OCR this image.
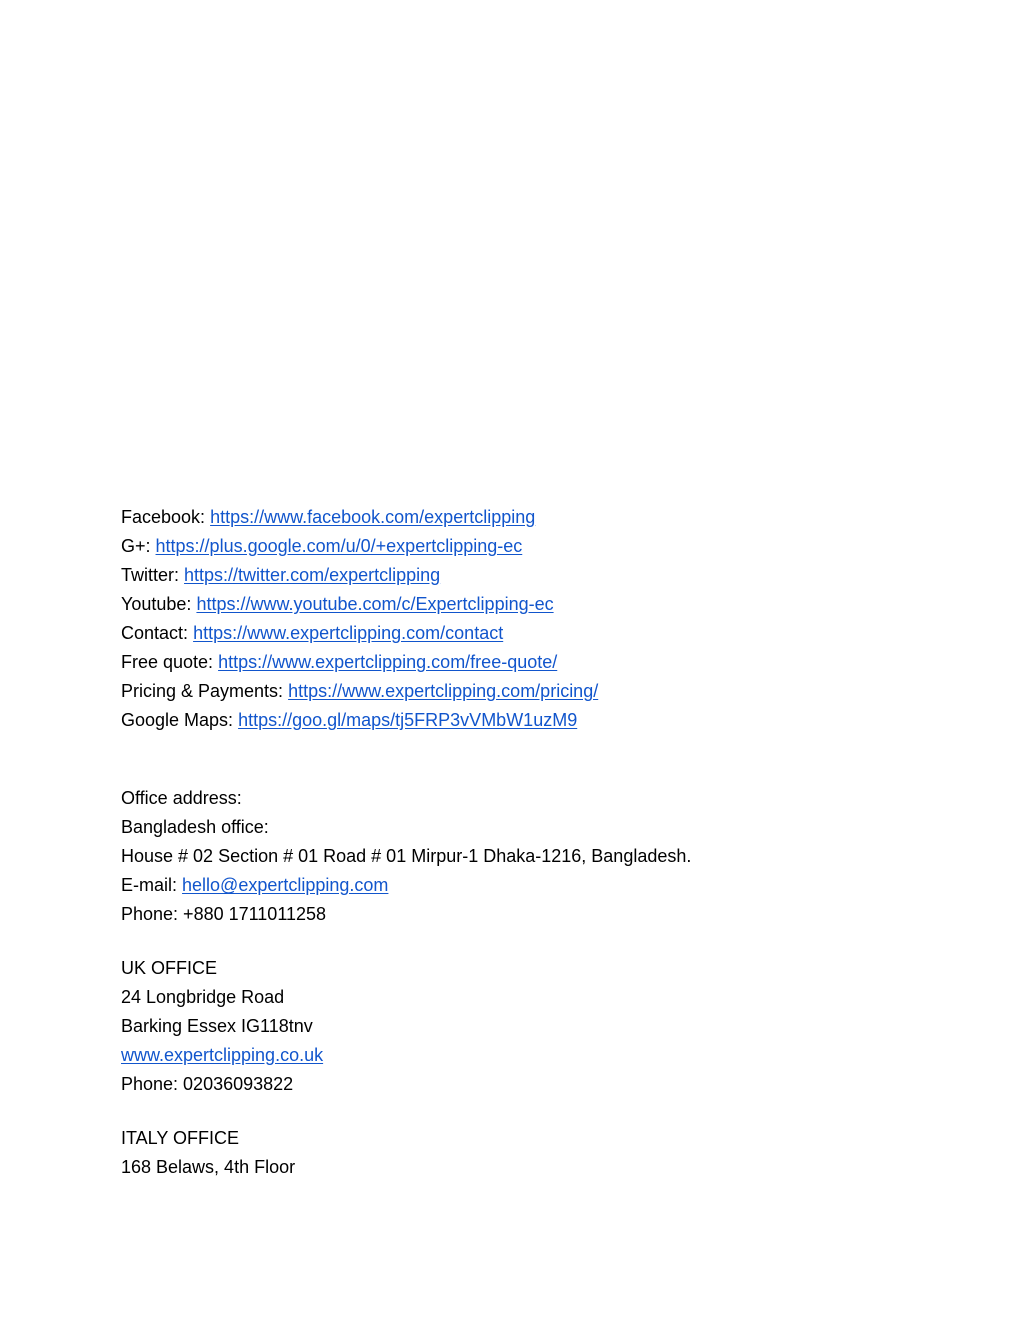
Facebook: https://www.facebook.com/expertclipping
G+: https://plus.google.com/u/0/+expertclipping-ec
Twitter: https://twitter.com/expertclipping
Youtube: https://www.youtube.com/c/Expertclipping-ec
Contact: https://www.expertclipping.com/contact
Free quote: https://www.expertclipping.com/free-quote/
Pricing & Payments: https://www.expertclipping.com/pricing/
Google Maps: https://goo.gl/maps/tj5FRP3vVMbW1uzM9
Office address:
Bangladesh office:
House # 02 Section # 01 Road # 01 Mirpur-1 Dhaka-1216, Bangladesh.
E-mail: hello@expertclipping.com
Phone: +880 1711011258
UK OFFICE
24 Longbridge Road
Barking Essex IG118tnv
www.expertclipping.co.uk
Phone: 02036093822
ITALY OFFICE
168 Belaws, 4th Floor
